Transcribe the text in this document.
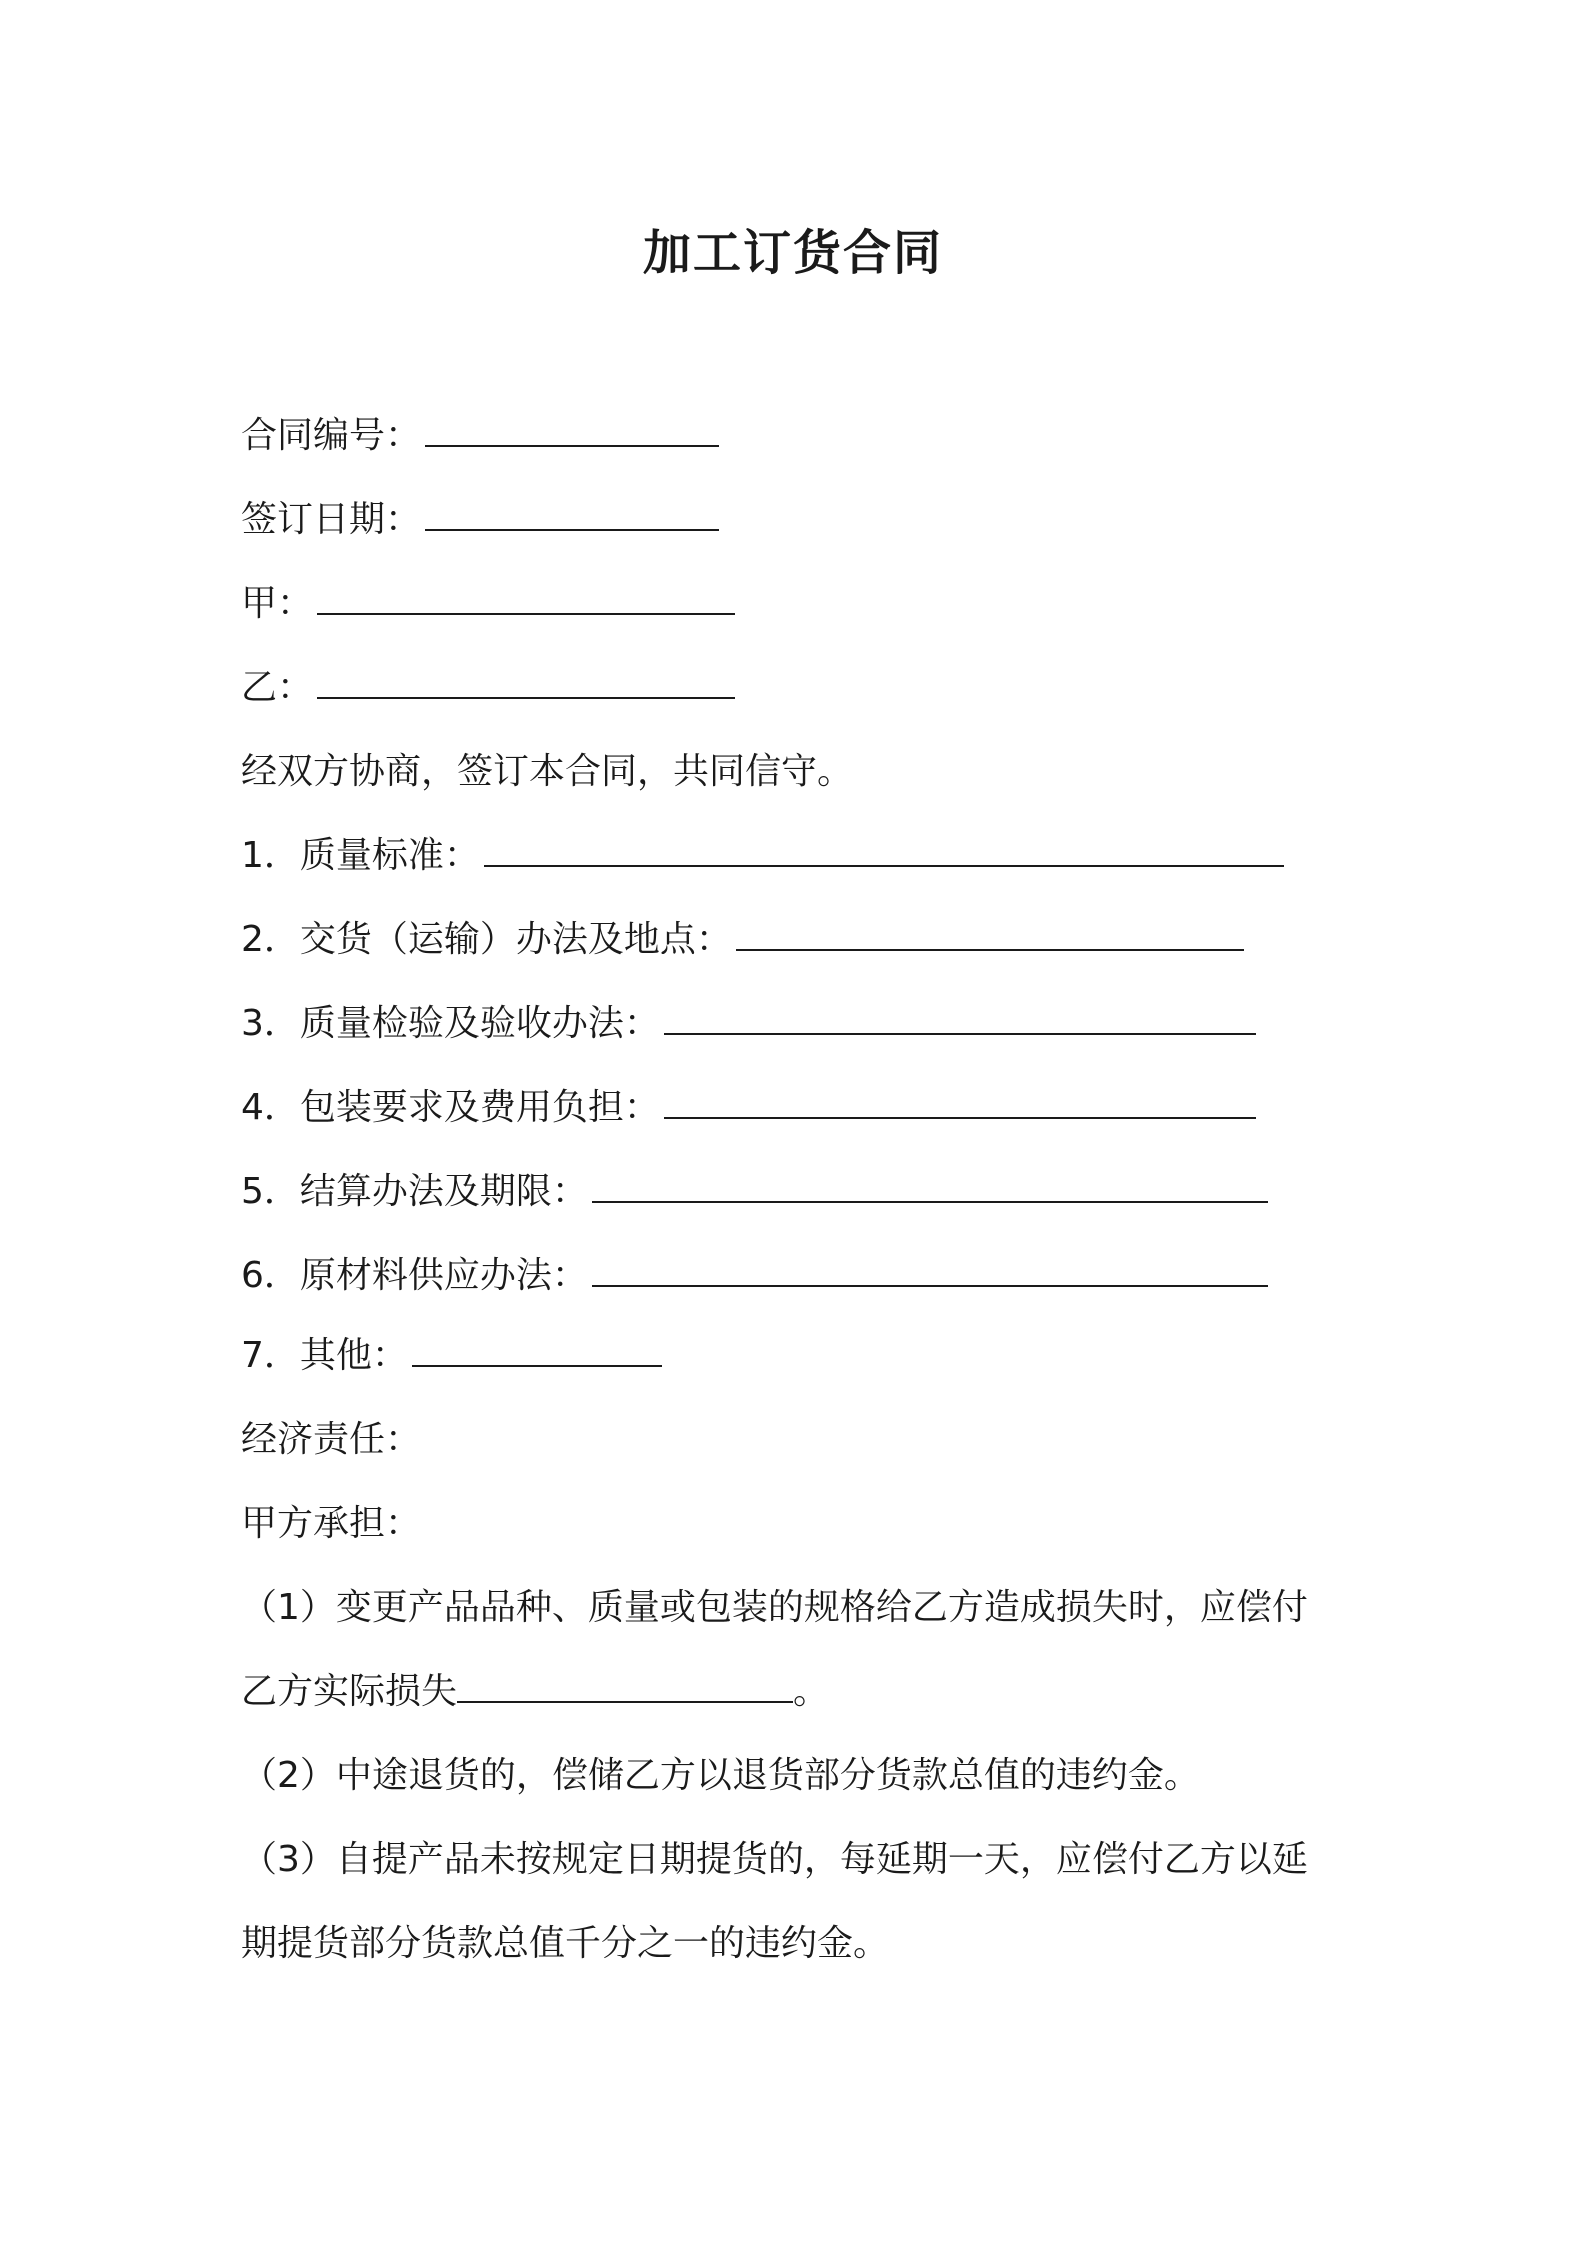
加工订货合同

合同编号：

签订日期：

甲：

乙：

经双方协商，签订本合同，共同信守。

1．质量标准：

2．交货（运输）办法及地点：

3．质量检验及验收办法：

4．包装要求及费用负担：

5．结算办法及期限：

6．原材料供应办法：

7．其他：

经济责任：

甲方承担：

（1）变更产品品种、质量或包装的规格给乙方造成损失时，应偿付

乙方实际损失	。

（2）中途退货的，偿储乙方以退货部分货款总值的违约金。

（3）自提产品未按规定日期提货的，每延期一天，应偿付乙方以延

期提货部分货款总值千分之一的违约金。
